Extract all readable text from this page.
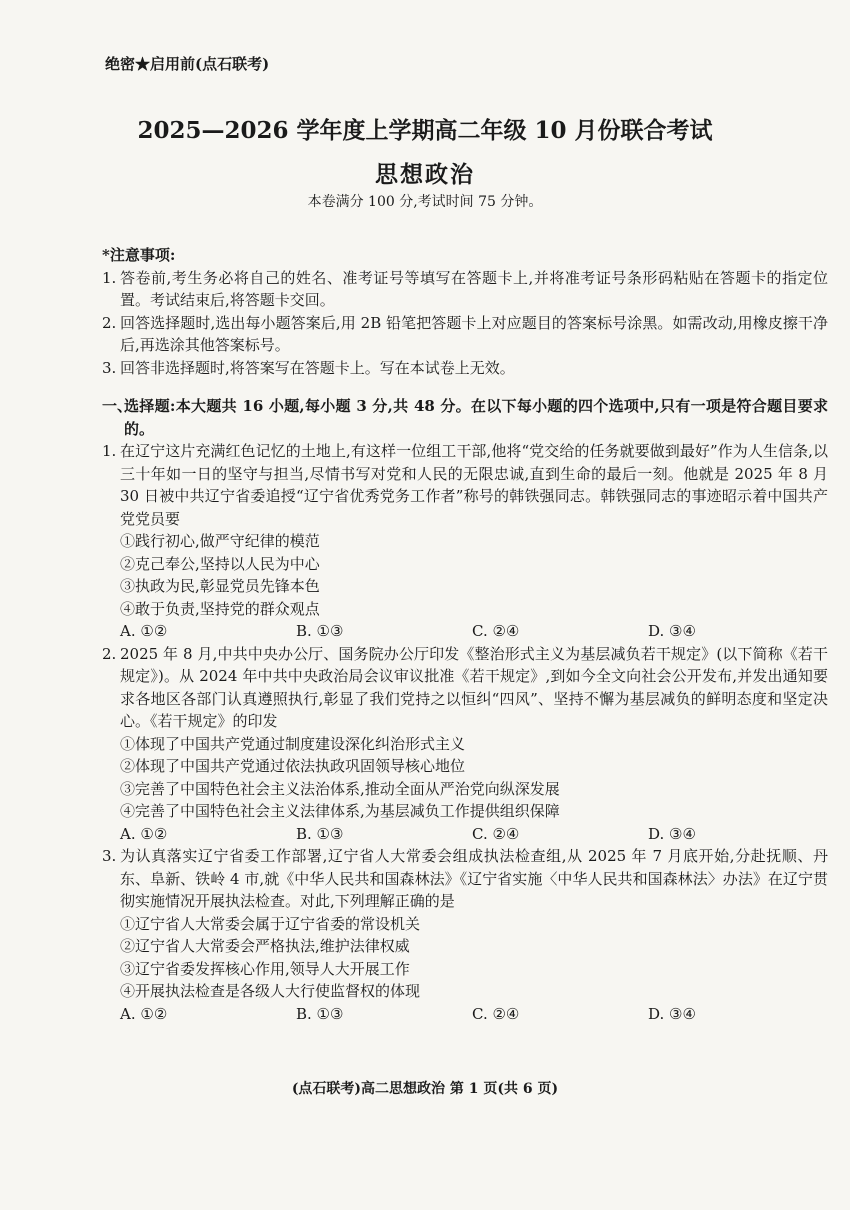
绝密★启用前(点石联考)
2025—2026 学年度上学期高二年级 10 月份联合考试
思想政治
本卷满分 100 分,考试时间 75 分钟。
*注意事项:
1. 答卷前,考生务必将自己的姓名、准考证号等填写在答题卡上,并将准考证号条形码粘贴在答题卡的指定位置。考试结束后,将答题卡交回。
2. 回答选择题时,选出每小题答案后,用 2B 铅笔把答题卡上对应题目的答案标号涂黑。如需改动,用橡皮擦干净后,再选涂其他答案标号。
3. 回答非选择题时,将答案写在答题卡上。写在本试卷上无效。
一、
选择题:本大题共 16 小题,每小题 3 分,共 48 分。在以下每小题的四个选项中,只有一项是符合题目要求的。
1. 在辽宁这片充满红色记忆的土地上,有这样一位组工干部,他将“党交给的任务就要做到最好”作为人生信条,以三十年如一日的坚守与担当,尽情书写对党和人民的无限忠诚,直到生命的最后一刻。他就是 2025 年 8 月 30 日被中共辽宁省委追授“辽宁省优秀党务工作者”称号的韩铁强同志。韩铁强同志的事迹昭示着中国共产党党员要
①践行初心,做严守纪律的模范
②克己奉公,坚持以人民为中心
③执政为民,彰显党员先锋本色
④敢于负责,坚持党的群众观点
A. ①②	B. ①③	C. ②④	D. ③④
2. 2025 年 8 月,中共中央办公厅、国务院办公厅印发《整治形式主义为基层减负若干规定》(以下简称《若干规定》)。从 2024 年中共中央政治局会议审议批准《若干规定》,到如今全文向社会公开发布,并发出通知要求各地区各部门认真遵照执行,彰显了我们党持之以恒纠“四风”、坚持不懈为基层减负的鲜明态度和坚定决心。《若干规定》的印发
①体现了中国共产党通过制度建设深化纠治形式主义
②体现了中国共产党通过依法执政巩固领导核心地位
③完善了中国特色社会主义法治体系,推动全面从严治党向纵深发展
④完善了中国特色社会主义法律体系,为基层减负工作提供组织保障
A. ①②	B. ①③	C. ②④	D. ③④
3. 为认真落实辽宁省委工作部署,辽宁省人大常委会组成执法检查组,从 2025 年 7 月底开始,分赴抚顺、丹东、阜新、铁岭 4 市,就《中华人民共和国森林法》《辽宁省实施〈中华人民共和国森林法〉办法》在辽宁贯彻实施情况开展执法检查。对此,下列理解正确的是
①辽宁省人大常委会属于辽宁省委的常设机关
②辽宁省人大常委会严格执法,维护法律权威
③辽宁省委发挥核心作用,领导人大开展工作
④开展执法检查是各级人大行使监督权的体现
A. ①②	B. ①③	C. ②④	D. ③④
(点石联考)高二思想政治 第 1 页(共 6 页)
